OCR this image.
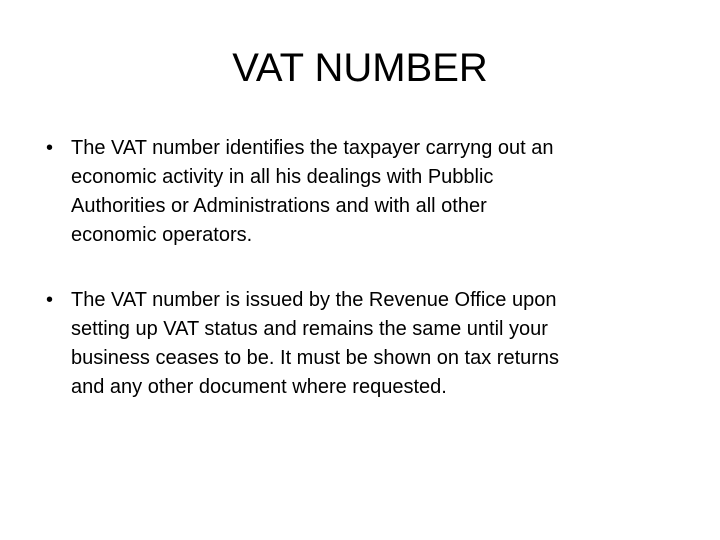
VAT NUMBER
• The VAT number identifies the taxpayer carryng out an
economic activity in all his dealings with Pubblic
Authorities or Administrations and with all other
economic operators.

• The VAT number is issued by the Revenue Office upon
setting up VAT status and remains the same until your
business ceases to be. It must be shown on tax returns
and any other document where requested.
